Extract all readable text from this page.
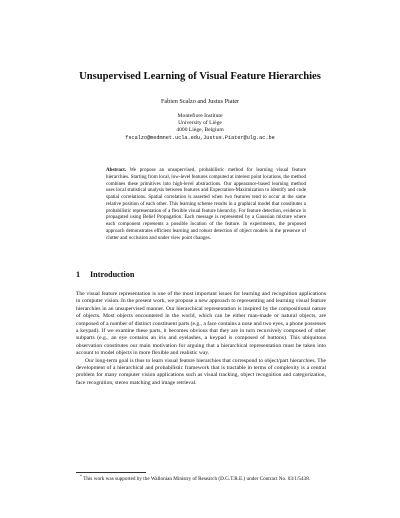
Unsupervised Learning of Visual Feature Hierarchies
Fabien Scalzo and Justus Piater
Montefiore Institute
University of Liège
4000 Liège, Belgium
fscalzo@medmnet.ucla.edu,Justus.Piater@ulg.ac.be
Abstract. We propose an unsupervised, probabilistic method for learning visual feature hierarchies. Starting from local, low-level features computed at interest point locations, the method combines these primitives into high-level abstractions. Our appearance-based learning method uses local statistical analysis between features and Expectation-Maximization to identify and code spatial correlations. Spatial correlation is asserted when two features tend to occur at the same relative position of each other. This learning scheme results in a graphical model that constitutes a probabilistic representation of a flexible visual feature hierarchy. For feature detection, evidence is propagated using Belief Propagation. Each message is represented by a Gaussian mixture where each component represents a possible location of the feature. In experiments, the proposed approach demonstrates efficient learning and robust detection of object models in the presence of clutter and occlusion and under view point changes.
1 Introduction

The visual feature representation is one of the most important issues for learning and recognition applications in computer vision. In the present work, we propose a new approach to representing and learning visual feature hierarchies in an unsupervised manner. Our hierarchical representation is inspired by the compositional nature of objects. Most objects encountered in the world, which can be either man-made or natural objects, are composed of a number of distinct constituent parts (e.g., a face contains a nose and two eyes, a phone possesses a keypad). If we examine these parts, it becomes obvious that they are in turn recursively composed of other subparts (e.g., an eye contains an iris and eyelashes, a keypad is composed of buttons). This ubiquitous observation constitutes our main motivation for arguing that a hierarchical representation must be taken into account to model objects in more flexible and realistic way.

Our long-term goal is thus to learn visual feature hierarchies that correspond to object/part hierarchies. The development of a hierarchical and probabilistic framework that is tractable in terms of complexity is a central problem for many computer vision applications such as visual tracking, object recognition and categorization, face recognition, stereo matching and image retrieval.

* This work was supported by the Wallonian Ministry of Research (D.G.T.R.E.) under Contract No. 03/1/5438.
